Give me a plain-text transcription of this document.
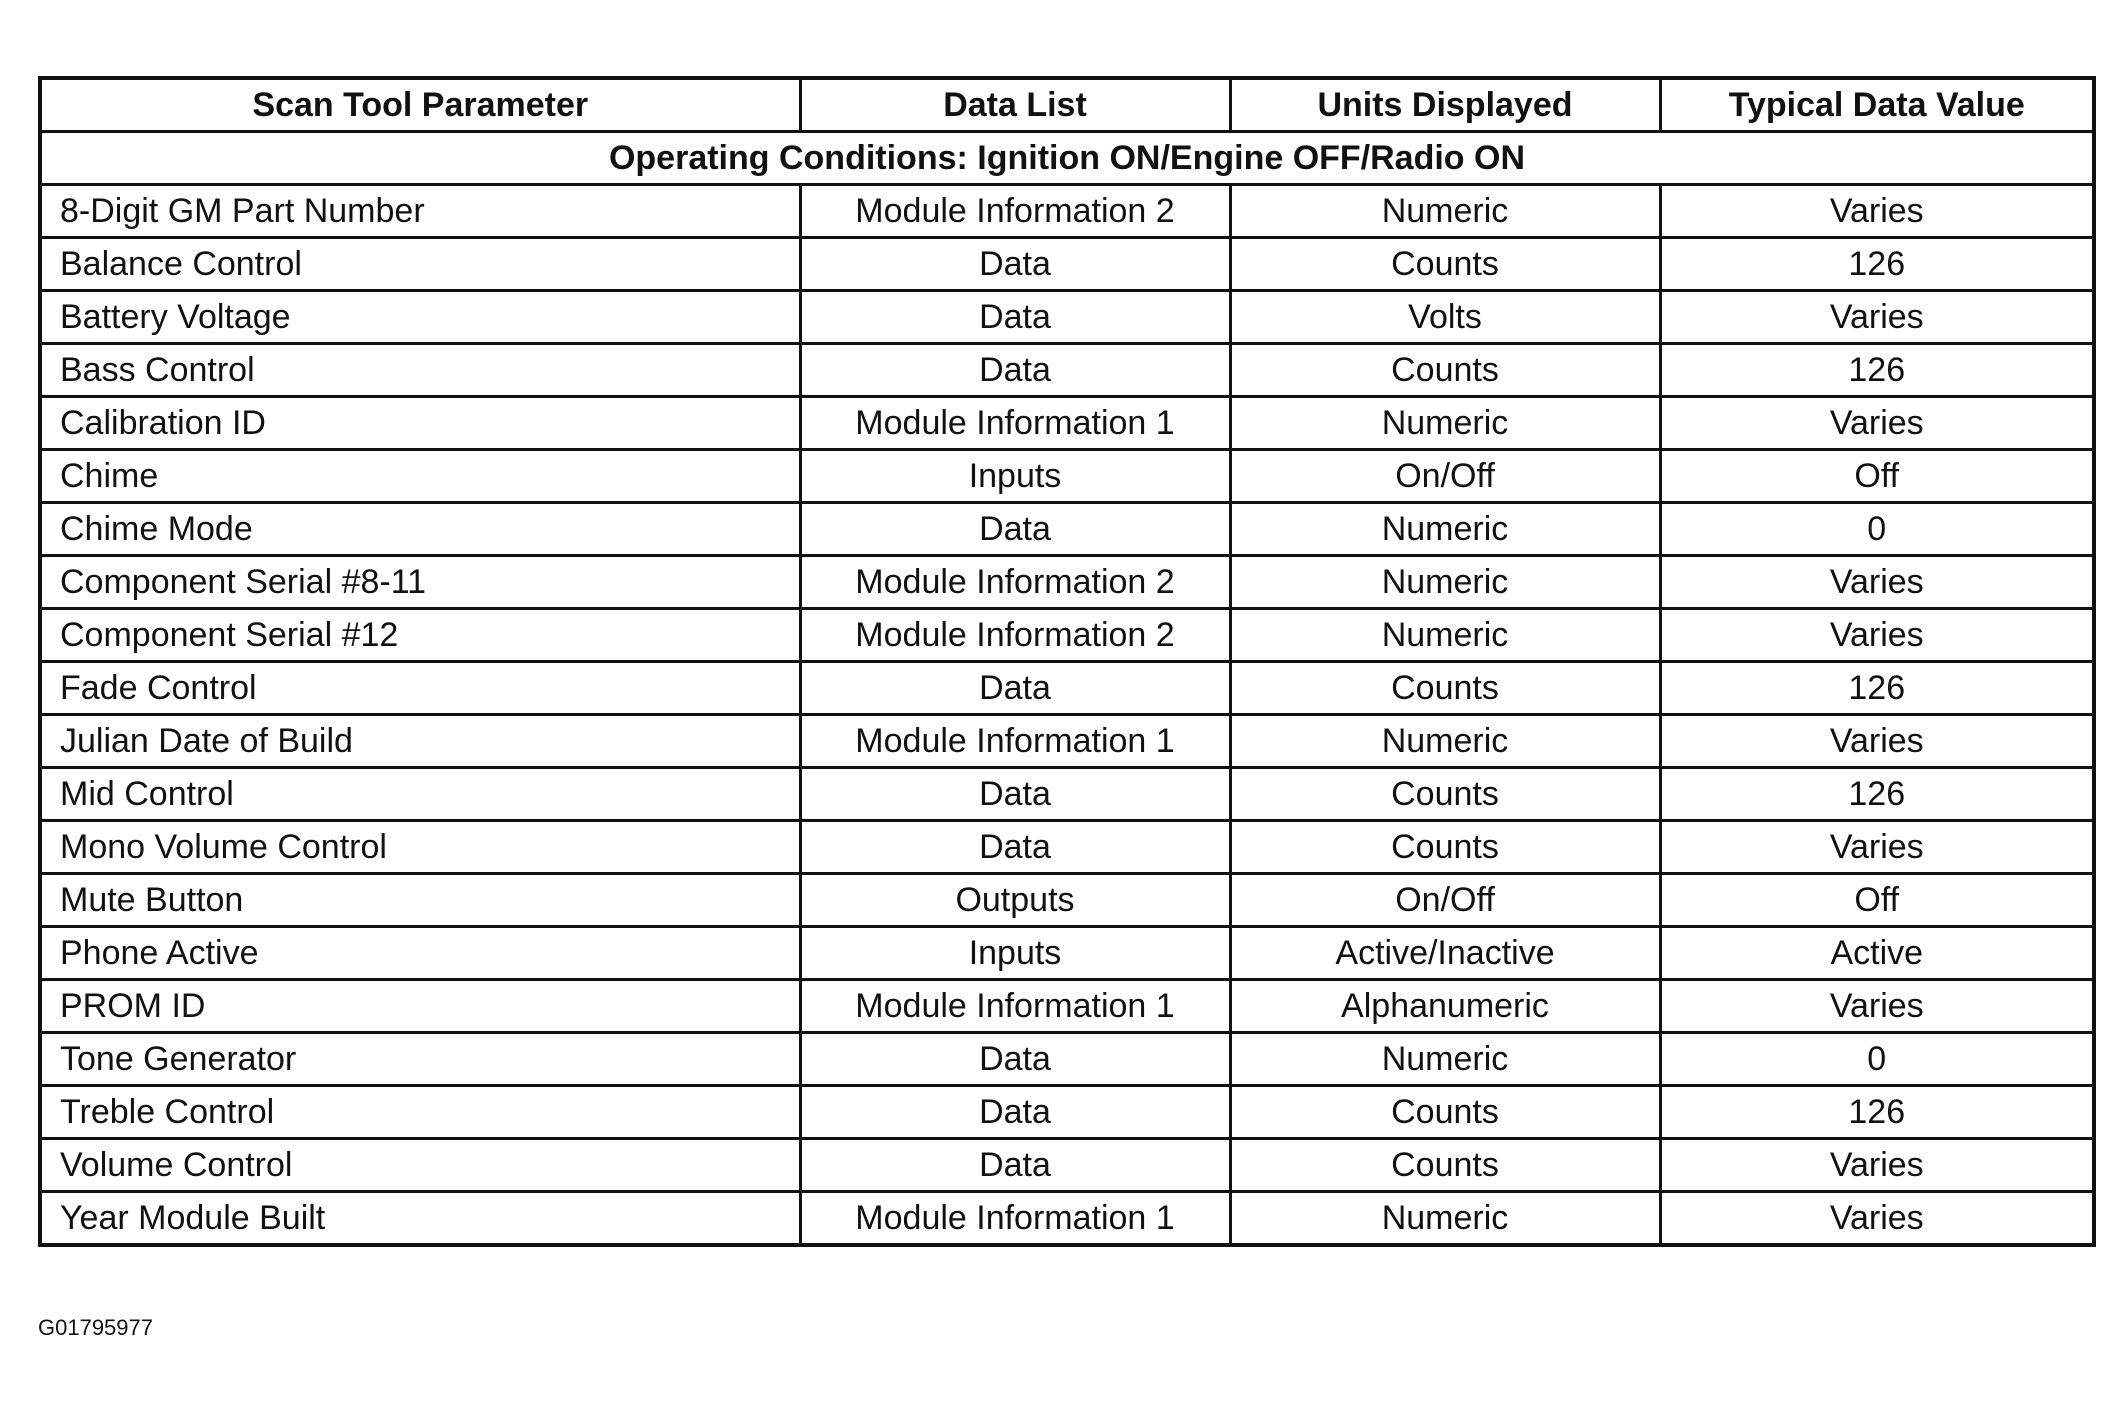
Scan Tool Parameter	Data List	Units Displayed	Typical Data Value
Operating Conditions: Ignition ON/Engine OFF/Radio ON			
8-Digit GM Part Number	Module Information 2	Numeric	Varies
Balance Control	Data	Counts	126
Battery Voltage	Data	Volts	Varies
Bass Control	Data	Counts	126
Calibration ID	Module Information 1	Numeric	Varies
Chime	Inputs	On/Off	Off
Chime Mode	Data	Numeric	0
Component Serial #8-11	Module Information 2	Numeric	Varies
Component Serial #12	Module Information 2	Numeric	Varies
Fade Control	Data	Counts	126
Julian Date of Build	Module Information 1	Numeric	Varies
Mid Control	Data	Counts	126
Mono Volume Control	Data	Counts	Varies
Mute Button	Outputs	On/Off	Off
Phone Active	Inputs	Active/Inactive	Active
PROM ID	Module Information 1	Alphanumeric	Varies
Tone Generator	Data	Numeric	0
Treble Control	Data	Counts	126
Volume Control	Data	Counts	Varies
Year Module Built	Module Information 1	Numeric	Varies
G01795977
